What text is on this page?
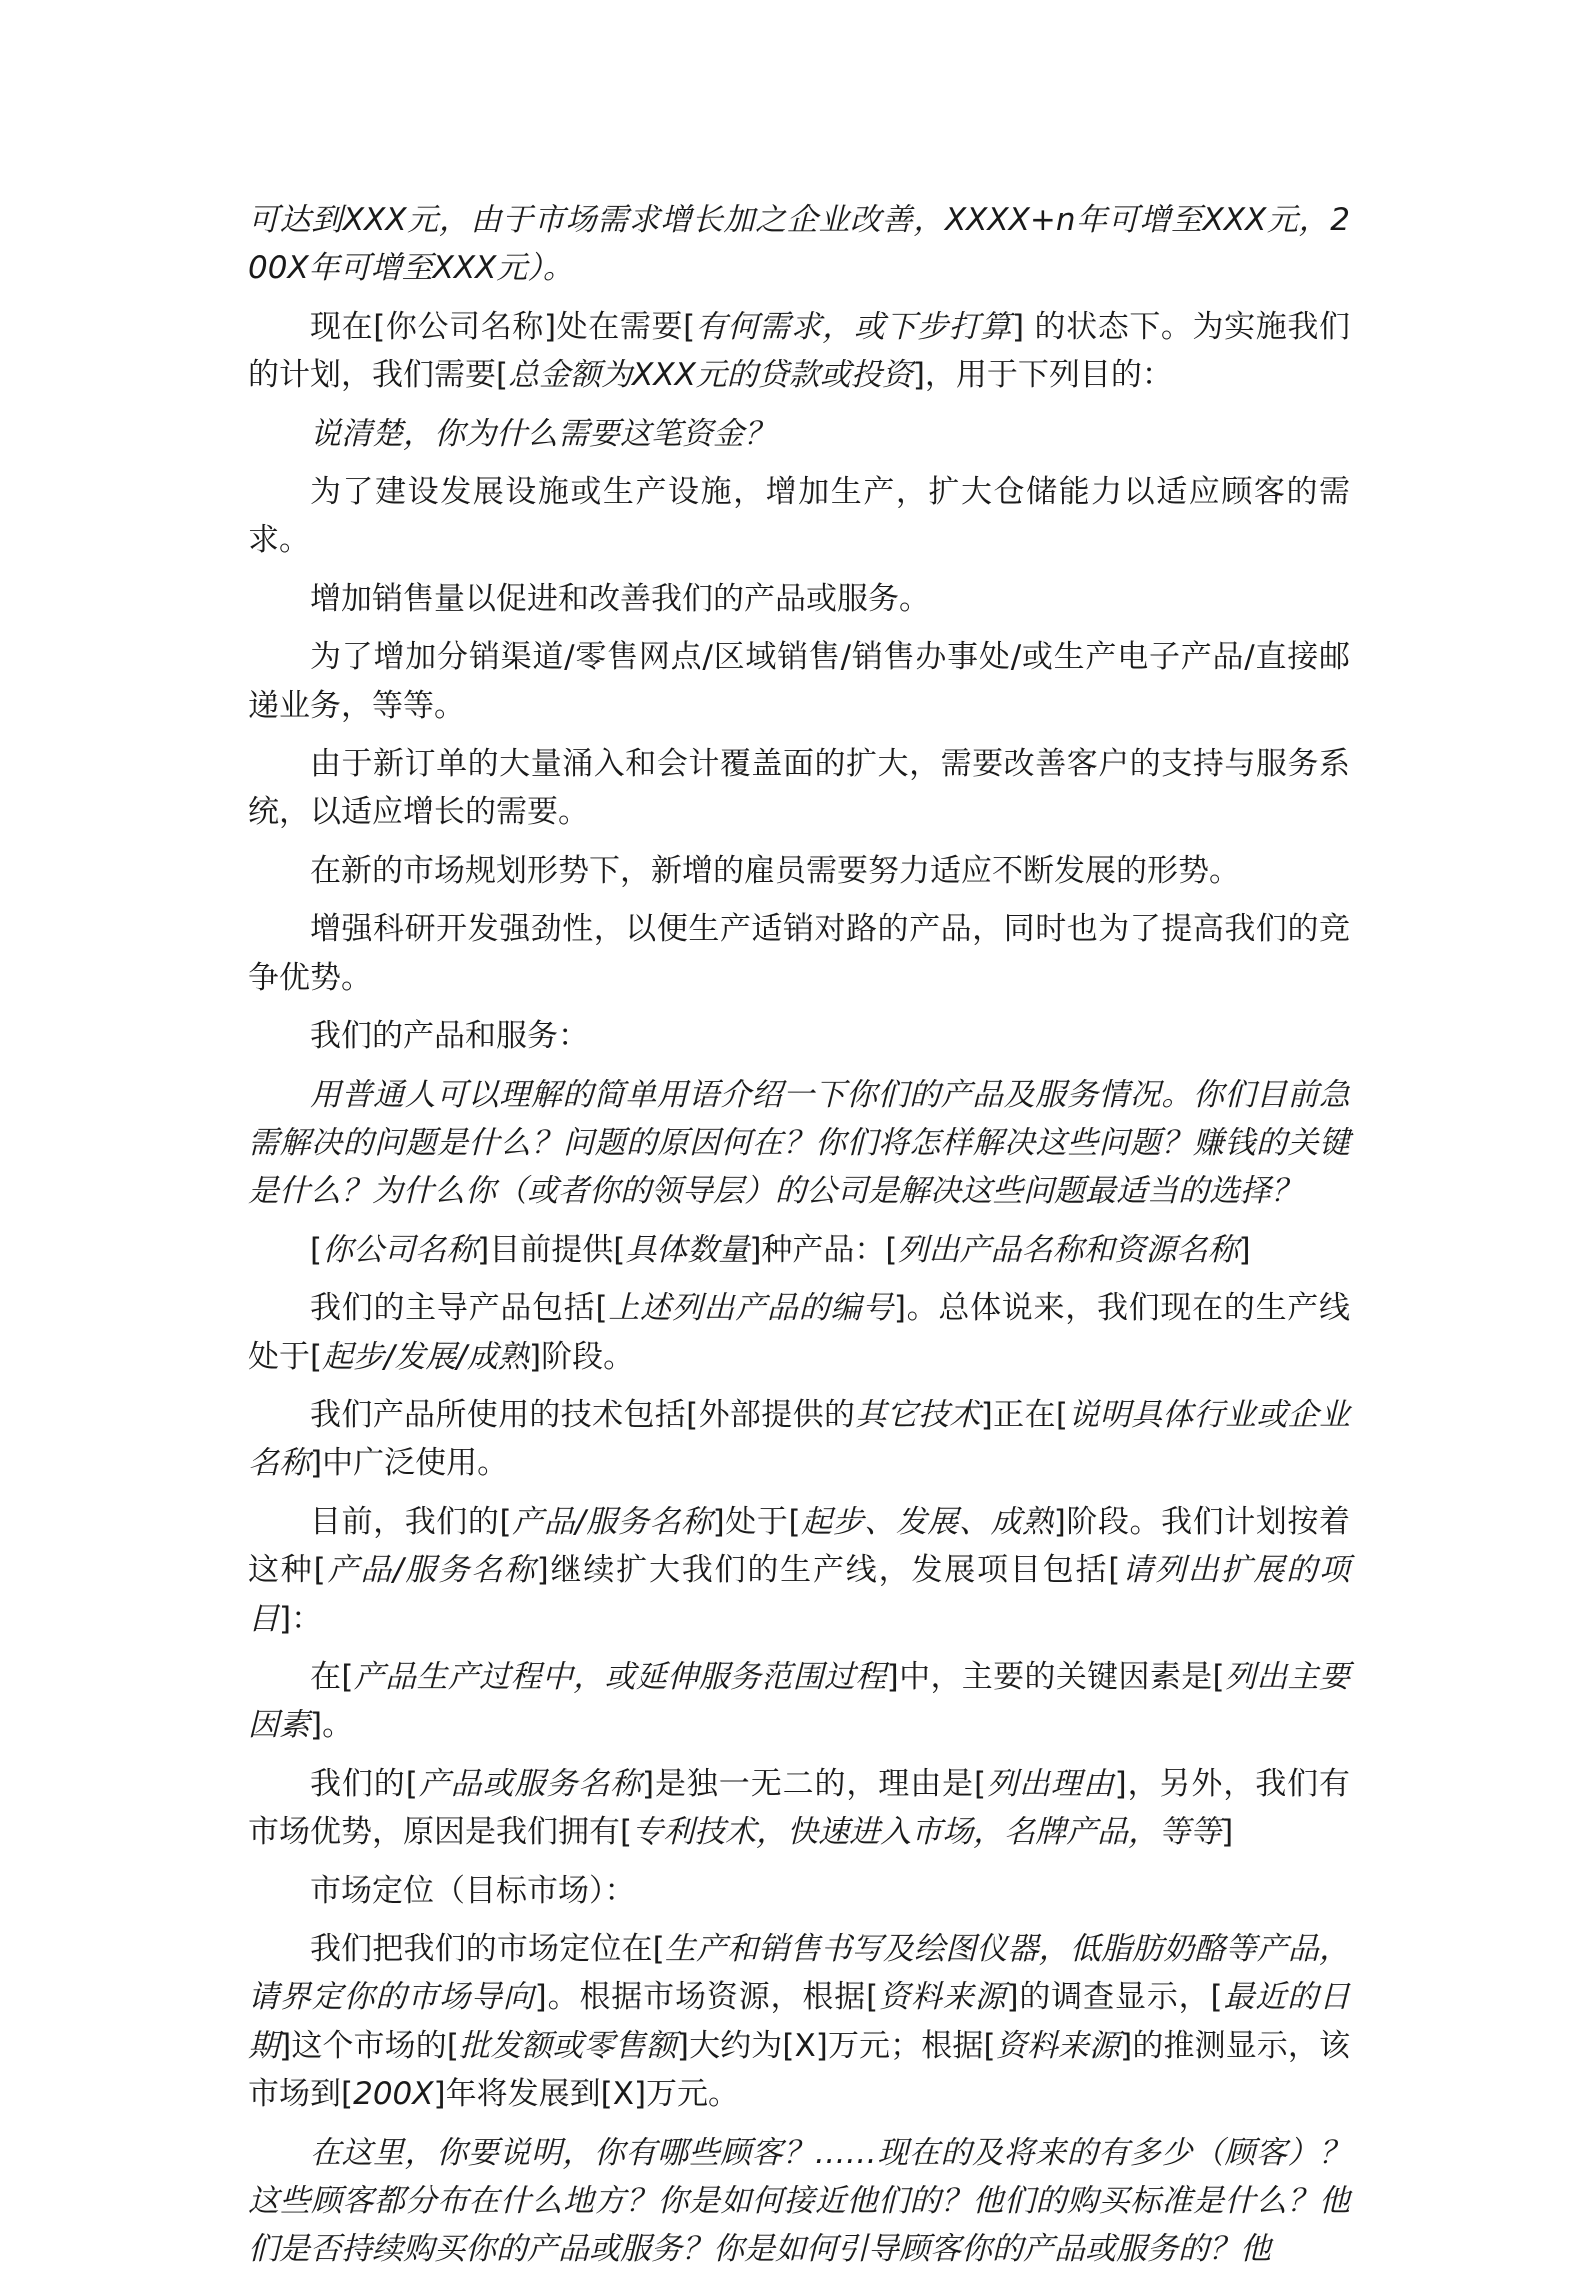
可达到XXX元，由于市场需求增长加之企业改善，XXXX+n年可增至XXX元，200X年可增至XXX元）。

现在[你公司名称]处在需要[有何需求，或下步打算] 的状态下。为实施我们的计划，我们需要[总金额为XXX元的贷款或投资]，用于下列目的：

说清楚，你为什么需要这笔资金？

为了建设发展设施或生产设施，增加生产，扩大仓储能力以适应顾客的需求。

增加销售量以促进和改善我们的产品或服务。

为了增加分销渠道/零售网点/区域销售/销售办事处/或生产电子产品/直接邮递业务，等等。

由于新订单的大量涌入和会计覆盖面的扩大，需要改善客户的支持与服务系统，以适应增长的需要。

在新的市场规划形势下，新增的雇员需要努力适应不断发展的形势。

增强科研开发强劲性，以便生产适销对路的产品，同时也为了提高我们的竞争优势。

我们的产品和服务：

用普通人可以理解的简单用语介绍一下你们的产品及服务情况。你们目前急需解决的问题是什么？问题的原因何在？你们将怎样解决这些问题？赚钱的关键是什么？为什么你（或者你的领导层）的公司是解决这些问题最适当的选择？

[你公司名称]目前提供[具体数量]种产品：[列出产品名称和资源名称]

我们的主导产品包括[上述列出产品的编号]。总体说来，我们现在的生产线处于[起步/发展/成熟]阶段。

我们产品所使用的技术包括[外部提供的其它技术]正在[说明具体行业或企业名称]中广泛使用。

目前，我们的[产品/服务名称]处于[起步、发展、成熟]阶段。我们计划按着这种[产品/服务名称]继续扩大我们的生产线，发展项目包括[请列出扩展的项目]：

在[产品生产过程中，或延伸服务范围过程]中，主要的关键因素是[列出主要因素]。

我们的[产品或服务名称]是独一无二的，理由是[列出理由]，另外，我们有市场优势，原因是我们拥有[专利技术，快速进入市场，名牌产品，等等]

市场定位（目标市场）：

我们把我们的市场定位在[生产和销售书写及绘图仪器，低脂肪奶酪等产品，请界定你的市场导向]。根据市场资源，根据[资料来源]的调查显示，[最近的日期]这个市场的[批发额或零售额]大约为[X]万元；根据[资料来源]的推测显示，该市场到[200X]年将发展到[X]万元。

在这里，你要说明，你有哪些顾客？……现在的及将来的有多少（顾客）？这些顾客都分布在什么地方？你是如何接近他们的？他们的购买标准是什么？他们是否持续购买你的产品或服务？你是如何引导顾客你的产品或服务的？他
